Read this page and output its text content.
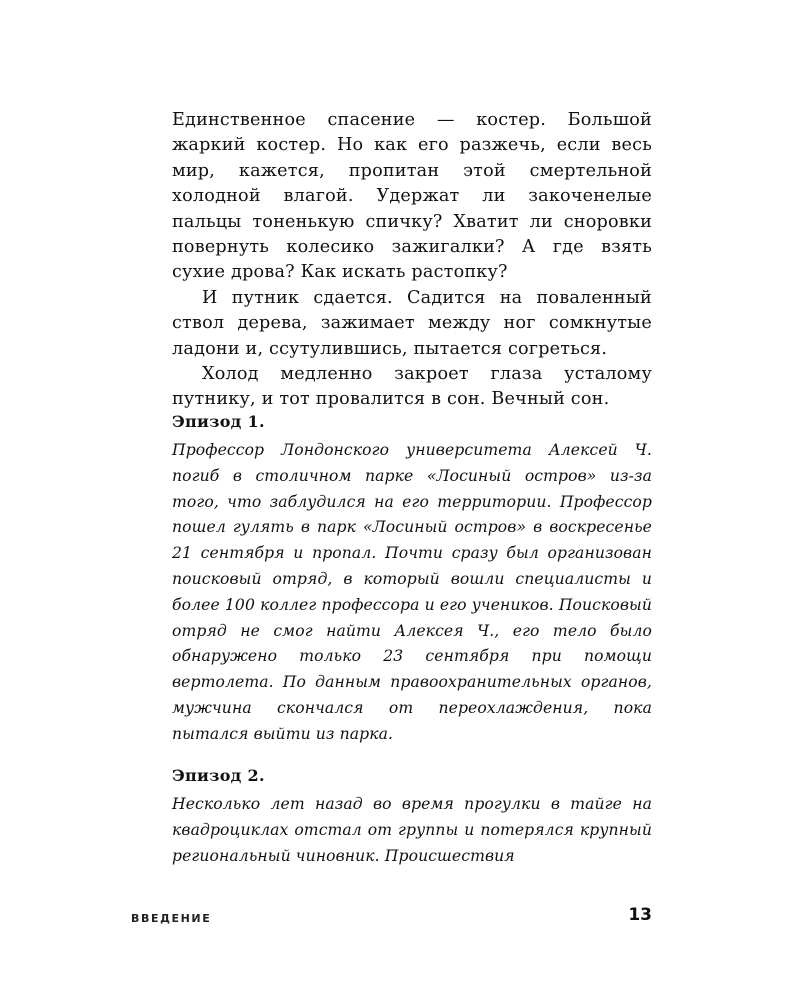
Единственное спасение — костер. Большой жаркий костер. Но как его разжечь, если весь мир, кажется, пропитан этой смертельной холодной влагой. Удержат ли закоченелые пальцы тоненькую спичку? Хватит ли сноровки повернуть колесико зажигалки? А где взять сухие дрова? Как искать растопку?

И путник сдается. Садится на поваленный ствол дерева, зажимает между ног сомкнутые ладони и, ссутулившись, пытается согреться.

Холод медленно закроет глаза усталому путнику, и тот провалится в сон. Вечный сон.

Эпизод 1.

Профессор Лондонского университета Алексей Ч. погиб в столичном парке «Лосиный остров» из-за того, что заблудился на его территории. Профессор пошел гулять в парк «Лосиный остров» в воскресенье 21 сентября и пропал. Почти сразу был организован поисковый отряд, в который вошли специалисты и более 100 коллег профессора и его учеников. Поисковый отряд не смог найти Алексея Ч., его тело было обнаружено только 23 сентября при помощи вертолета. По данным правоохранительных органов, мужчина скончался от переохлаждения, пока пытался выйти из парка.

Эпизод 2.

Несколько лет назад во время прогулки в тайге на квадроциклах отстал от группы и потерялся крупный региональный чиновник. Происшествия

ВВЕДЕНИЕ	13
